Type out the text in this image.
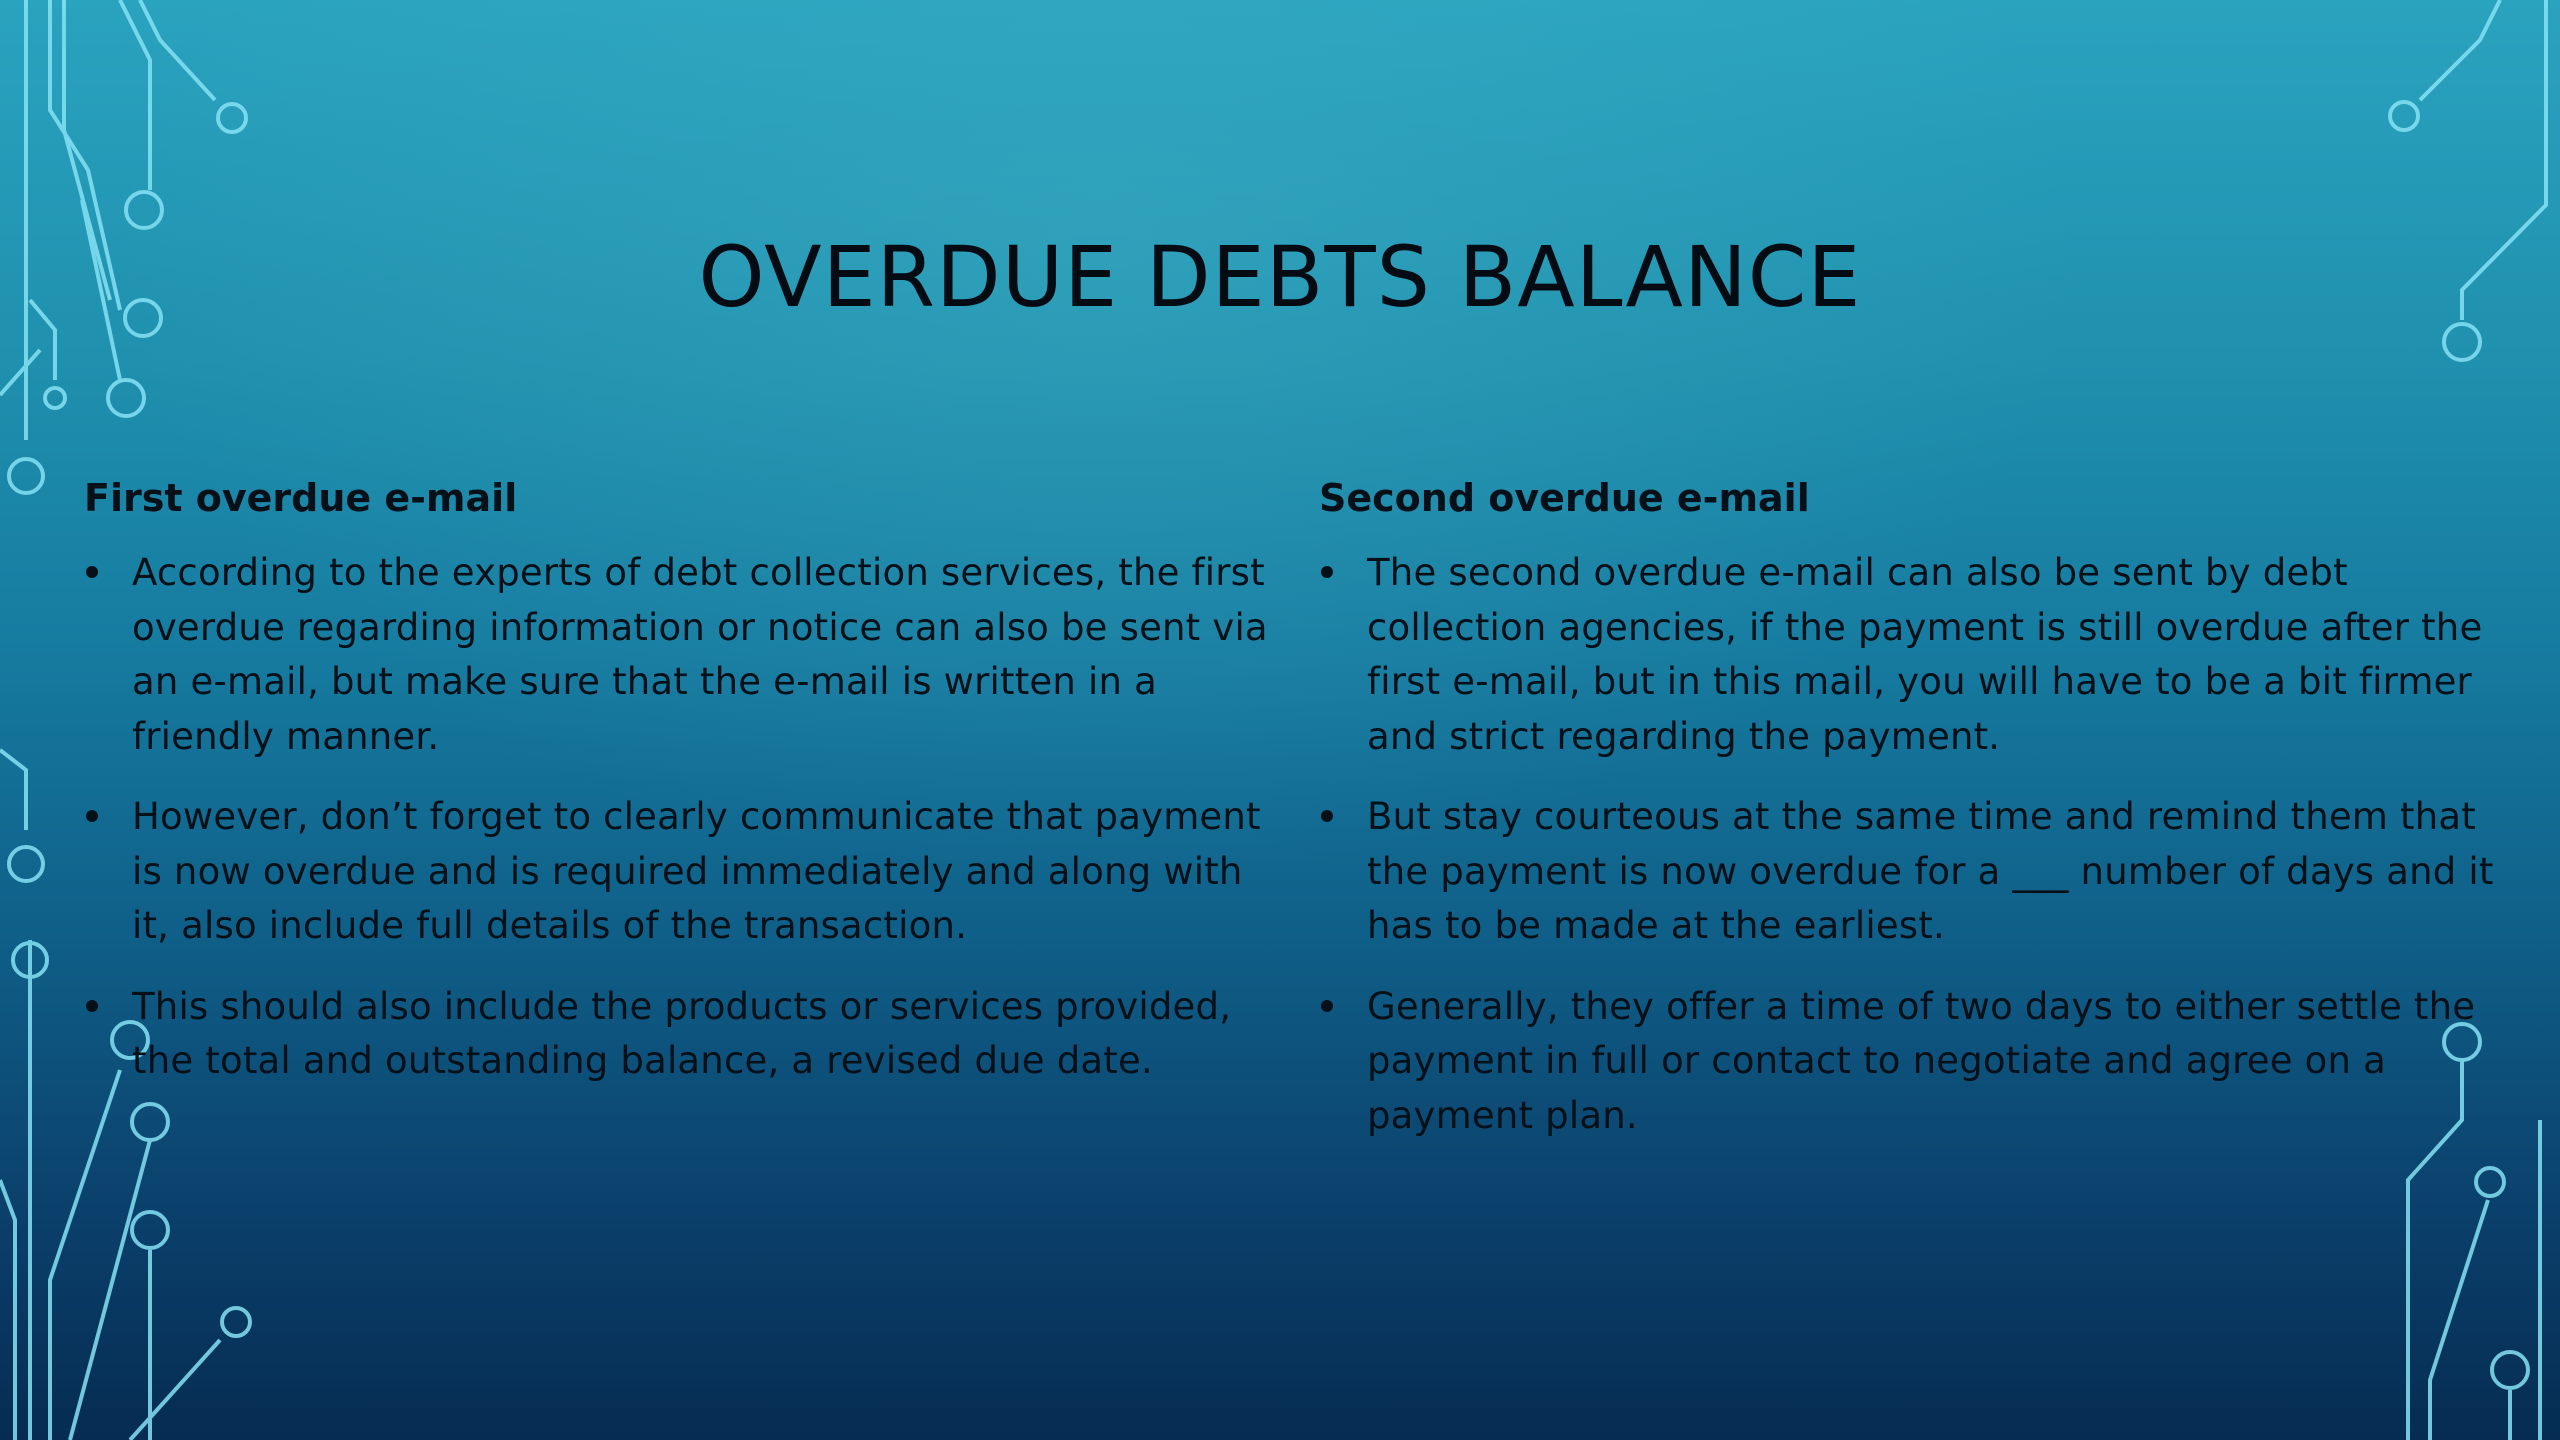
OVERDUE DEBTS BALANCE
First overdue e-mail
According to the experts of debt collection services, the first overdue regarding information or notice can also be sent via an e-mail, but make sure that the e-mail is written in a friendly manner.
However, don’t forget to clearly communicate that payment is now overdue and is required immediately and along with it, also include full details of the transaction.
This should also include the products or services provided, the total and outstanding balance, a revised due date.
Second overdue e-mail
The second overdue e-mail can also be sent by debt collection agencies, if the payment is still overdue after the first e-mail, but in this mail, you will have to be a bit firmer and strict regarding the payment.
But stay courteous at the same time and remind them that the payment is now overdue for a ___ number of days and it has to be made at the earliest.
Generally, they offer a time of two days to either settle the payment in full or contact to negotiate and agree on a payment plan.
